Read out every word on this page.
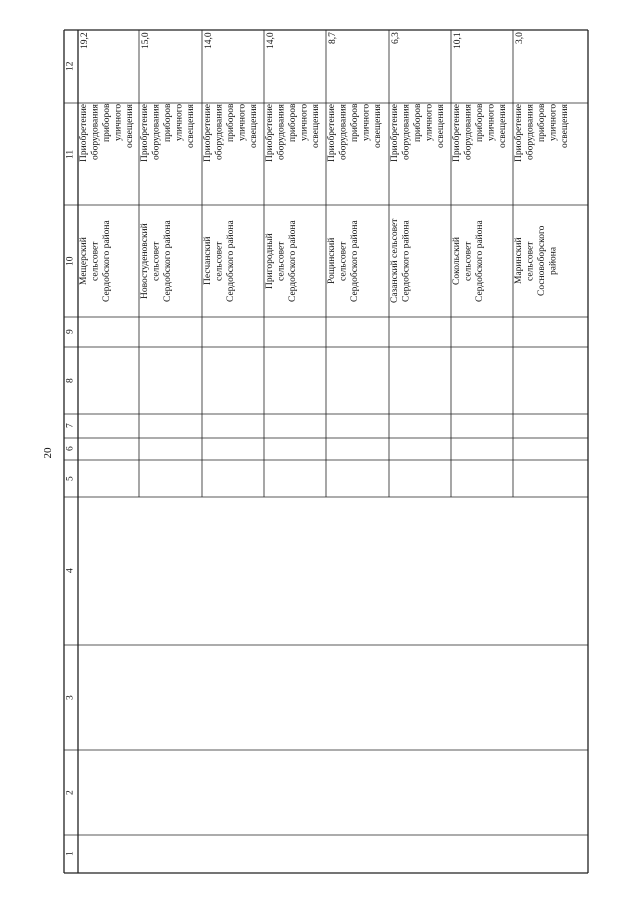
20
12
11
10
9
8
7
6
5
4
3
2
1
19,2
Приобретение
оборудования
приборов
уличного
освещения
Мещерский
сельсовет
Сердобского района
15,0
Приобретение
оборудования
приборов
уличного
освещения
Новостуденовский
сельсовет
Сердобского района
14,0
Приобретение
оборудования
приборов
уличного
освещения
Песчанский
сельсовет
Сердобского района
14,0
Приобретение
оборудования
приборов
уличного
освещения
Пригородный
сельсовет
Сердобского района
8,7
Приобретение
оборудования
приборов
уличного
освещения
Рощинский
сельсовет
Сердобского района
6,3
Приобретение
оборудования
приборов
уличного
освещения
Сазанский сельсовет
Сердобского района
10,1
Приобретение
оборудования
приборов
уличного
освещения
Сокольский
сельсовет
Сердобского района
3,0
Приобретение
оборудования
приборов
уличного
освещения
Маринский
сельсовет
Сосновоборского
района
